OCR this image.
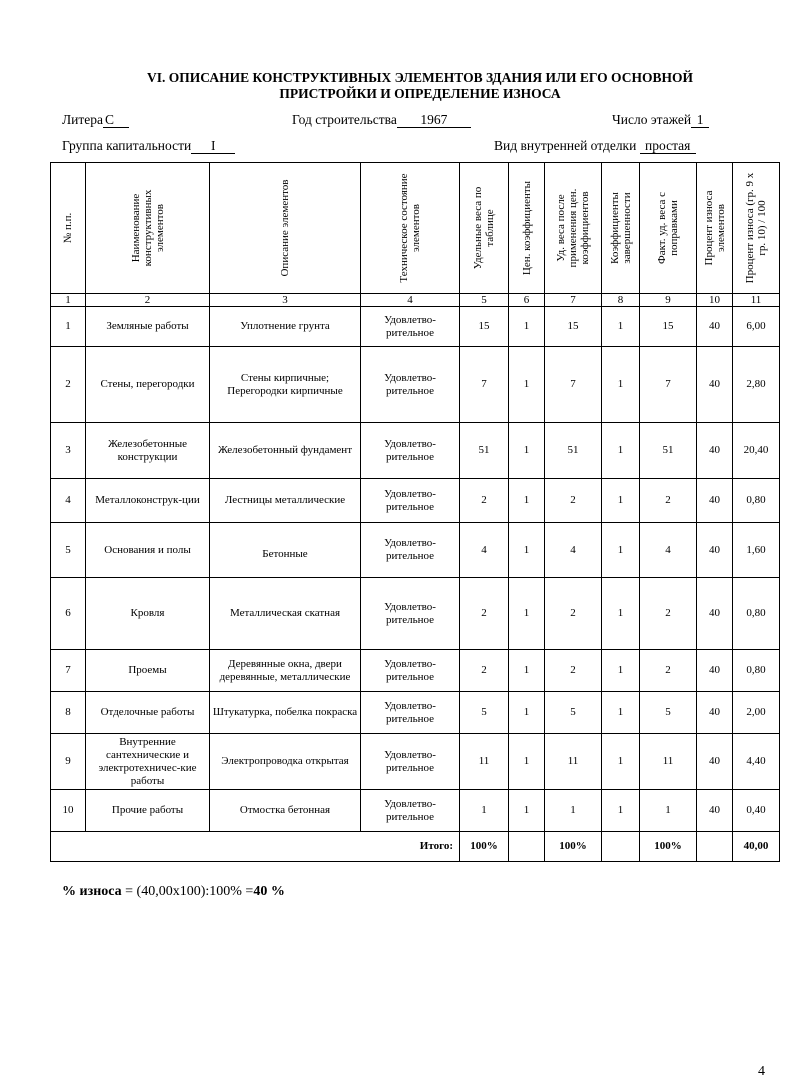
VI. ОПИСАНИЕ КОНСТРУКТИВНЫХ ЭЛЕМЕНТОВ ЗДАНИЯ ИЛИ ЕГО ОСНОВНОЙ
ПРИСТРОЙКИ И ОПРЕДЕЛЕНИЕ ИЗНОСА
Литера С	Год строительства 1967	Число этажей 1
Группа капитальности I	Вид внутренней отделки простая
№ п.п.	Наименование конструктивных элементов	Описание элементов	Техническое состояние элементов	Удельные веса по таблице	Цен. коэффициенты	Уд. веса после применения цен. коэффициентов	Коэффициенты завершенности	Факт. уд. веса с поправками	Процент износа элементов	Процент износа (гр. 9 х гр. 10) / 100

1	2	3	4	5	6	7	8	9	10	11
1	Земляные работы	Уплотнение грунта	Удовлетво-рительное	15	1	15	1	15	40	6,00
2	Стены, перегородки	Стены кирпичные; Перегородки кирпичные	Удовлетво-рительное	7	1	7	1	7	40	2,80
3	Железобетонные конструкции	Железобетонный фундамент	Удовлетво-рительное	51	1	51	1	51	40	20,40
4	Металлоконструк-ции	Лестницы металлические	Удовлетво-рительное	2	1	2	1	2	40	0,80
5	Основания и полы	Бетонные	Удовлетво-рительное	4	1	4	1	4	40	1,60
6	Кровля	Металлическая скатная	Удовлетво-рительное	2	1	2	1	2	40	0,80
7	Проемы	Деревянные окна, двери деревянные, металлические	Удовлетво-рительное	2	1	2	1	2	40	0,80
8	Отделочные работы	Штукатурка, побелка покраска	Удовлетво-рительное	5	1	5	1	5	40	2,00
9	Внутренние сантехнические и электротехничес-кие работы	Электропроводка открытая	Удовлетво-рительное	11	1	11	1	11	40	4,40
10	Прочие работы	Отмостка бетонная	Удовлетво-рительное	1	1	1	1	1	40	0,40
Итого:				100%		100%		100%		40,00
% износа = (40,00х100):100% =40 %
4
